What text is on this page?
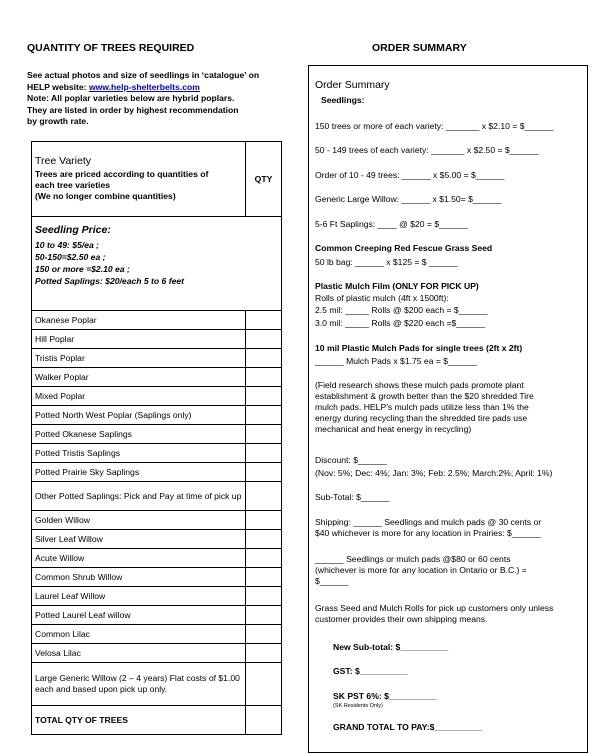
QUANTITY OF TREES REQUIRED	ORDER SUMMARY
See actual photos and size of seedlings in ‘catalogue’ on
HELP website: www.help-shelterbelts.com
Note: All poplar varieties below are hybrid poplars.
They are listed in order by highest recommendation
by growth rate.
Tree Variety
Trees are priced according to quantities of
each tree varieties
(We no longer combine quantities)	QTY

Seedling Price:
10 to 49: $5/ea ;
50-150=$2.50 ea ;
150 or more =$2.10 ea ;
Potted Saplings: $20/each 5 to 6 feet	

Okanese Poplar	
Hill Poplar	
Tristis Poplar	
Walker Poplar	
Mixed Poplar	
Potted North West Poplar (Saplings only)	
Potted Okanese Saplings	
Potted Tristis Saplings	
Potted Prairie Sky Saplings	
Other Potted Saplings: Pick and Pay at time of pick up	
Golden Willow	
Silver Leaf Willow	
Acute Willow	
Common Shrub Willow	
Laurel Leaf Willow	
Potted Laurel Leaf willow	
Common Lilac	
Velosa Lilac	
Large Generic Willow (2 – 4 years) Flat costs of $1.00 each and based upon pick up only.	
TOTAL QTY OF TREES	
Order Summary
Seedlings:
150 trees or more of each variety: _______ x $2.10 = $______
50 - 149 trees of each variety: _______ x $2.50 = $______
Order of 10 - 49 trees: ______ x $5.00 = $______
Generic Large Willow: ______ x $1.50= $______
5-6 Ft Saplings: ____ @ $20 = $______
Common Creeping Red Fescue Grass Seed
50 lb bag: ______ x $125 = $ ______
Plastic Mulch Film (ONLY FOR PICK UP)
Rolls of plastic mulch (4ft x 1500ft):
2.5 mil: _____ Rolls @ $200 each = $______
3.0 mil: _____ Rolls @ $220 each =$______
10 mil Plastic Mulch Pads for single trees (2ft x 2ft)
______ Mulch Pads x $1.75 ea = $______
(Field research shows these mulch pads promote plant
establishment & growth better than the $20 shredded Tire
mulch pads. HELP’s mulch pads utilize less than 1% the
energy during recycling than the shredded tire pads use
mechanical and heat energy in recycling)
Discount: $______
(Nov: 5%; Dec: 4%; Jan: 3%; Feb: 2.5%; March:2%; April: 1%)
Sub-Total: $______
Shipping: ______ Seedlings and mulch pads @ 30 cents or
$40 whichever is more for any location in Prairies: $______
______ Seedlings or mulch pads @$80 or 60 cents
(whichever is more for any location in Ontario or B.C.) =
$______
Grass Seed and Mulch Rolls for pick up customers only unless
customer provides their own shipping means.
New Sub-total: $__________
GST: $__________
SK PST 6%: $__________
(SK Residents Only)
GRAND TOTAL TO PAY:$__________
